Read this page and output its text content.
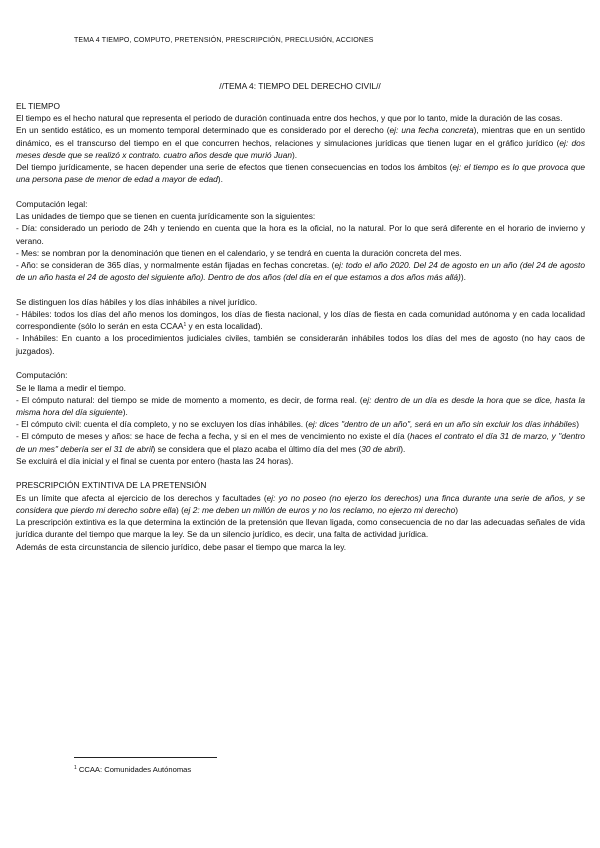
TEMA 4 TIEMPO, COMPUTO, PRETENSIÓN, PRESCRIPCIÓN, PRECLUSIÓN, ACCIONES
//TEMA 4: TIEMPO DEL DERECHO CIVIL//

EL TIEMPO

El tiempo es el hecho natural que representa el periodo de duración continuada entre dos hechos, y que por lo tanto, mide la duración de las cosas.

En un sentido estático, es un momento temporal determinado que es considerado por el derecho (ej: una fecha concreta), mientras que en un sentido dinámico, es el transcurso del tiempo en el que concurren hechos, relaciones y simulaciones jurídicas que tienen lugar en el gráfico jurídico (ej: dos meses desde que se realizó x contrato. cuatro años desde que murió Juan).

Del tiempo jurídicamente, se hacen depender una serie de efectos que tienen consecuencias en todos los ámbitos (ej: el tiempo es lo que provoca que una persona pase de menor de edad a mayor de edad).

Computación legal:

Las unidades de tiempo que se tienen en cuenta jurídicamente son la siguientes:

- Día: considerado un periodo de 24h y teniendo en cuenta que la hora es la oficial, no la natural. Por lo que será diferente en el horario de invierno y verano.

- Mes: se nombran por la denominación que tienen en el calendario, y se tendrá en cuenta la duración concreta del mes.

- Año: se consideran de 365 días, y normalmente están fijadas en fechas concretas. (ej: todo el año 2020. Del 24 de agosto en un año (del 24 de agosto de un año hasta el 24 de agosto del siguiente año). Dentro de dos años (del día en el que estamos a dos años más allá)).

Se distinguen los días hábiles y los días inhábiles a nivel jurídico.

- Hábiles: todos los días del año menos los domingos, los días de fiesta nacional, y los días de fiesta en cada comunidad autónoma y en cada localidad correspondiente (sólo lo serán en esta CCAA$^1$ y en esta localidad).

- Inhábiles: En cuanto a los procedimientos judiciales civiles, también se considerarán inhábiles todos los días del mes de agosto (no hay caos de juzgados).

Computación:

Se le llama a medir el tiempo.

- El cómputo natural: del tiempo se mide de momento a momento, es decir, de forma real. (ej: dentro de un día es desde la hora que se dice, hasta la misma hora del día siguiente).

- El cómputo civil: cuenta el día completo, y no se excluyen los días inhábiles. (ej: dices "dentro de un año", será en un año sin excluir los días inhábiles)

- El cómputo de meses y años: se hace de fecha a fecha, y si en el mes de vencimiento no existe el día (haces el contrato el día 31 de marzo, y "dentro de un mes" debería ser el 31 de abril) se considera que el plazo acaba el último día del mes (30 de abril).

Se excluirá el día inicial y el final se cuenta por entero (hasta las 24 horas).

PRESCRIPCIÓN EXTINTIVA DE LA PRETENSIÓN

Es un límite que afecta al ejercicio de los derechos y facultades (ej: yo no poseo (no ejerzo los derechos) una finca durante una serie de años, y se considera que pierdo mi derecho sobre ella) (ej 2: me deben un millón de euros y no los reclamo, no ejerzo mi derecho)

La prescripción extintiva es la que determina la extinción de la pretensión que llevan ligada, como consecuencia de no dar las adecuadas señales de vida jurídica durante del tiempo que marque la ley. Se da un silencio jurídico, es decir, una falta de actividad jurídica.

Además de esta circunstancia de silencio jurídico, debe pasar el tiempo que marca la ley.

$^1$ CCAA: Comunidades Autónomas
